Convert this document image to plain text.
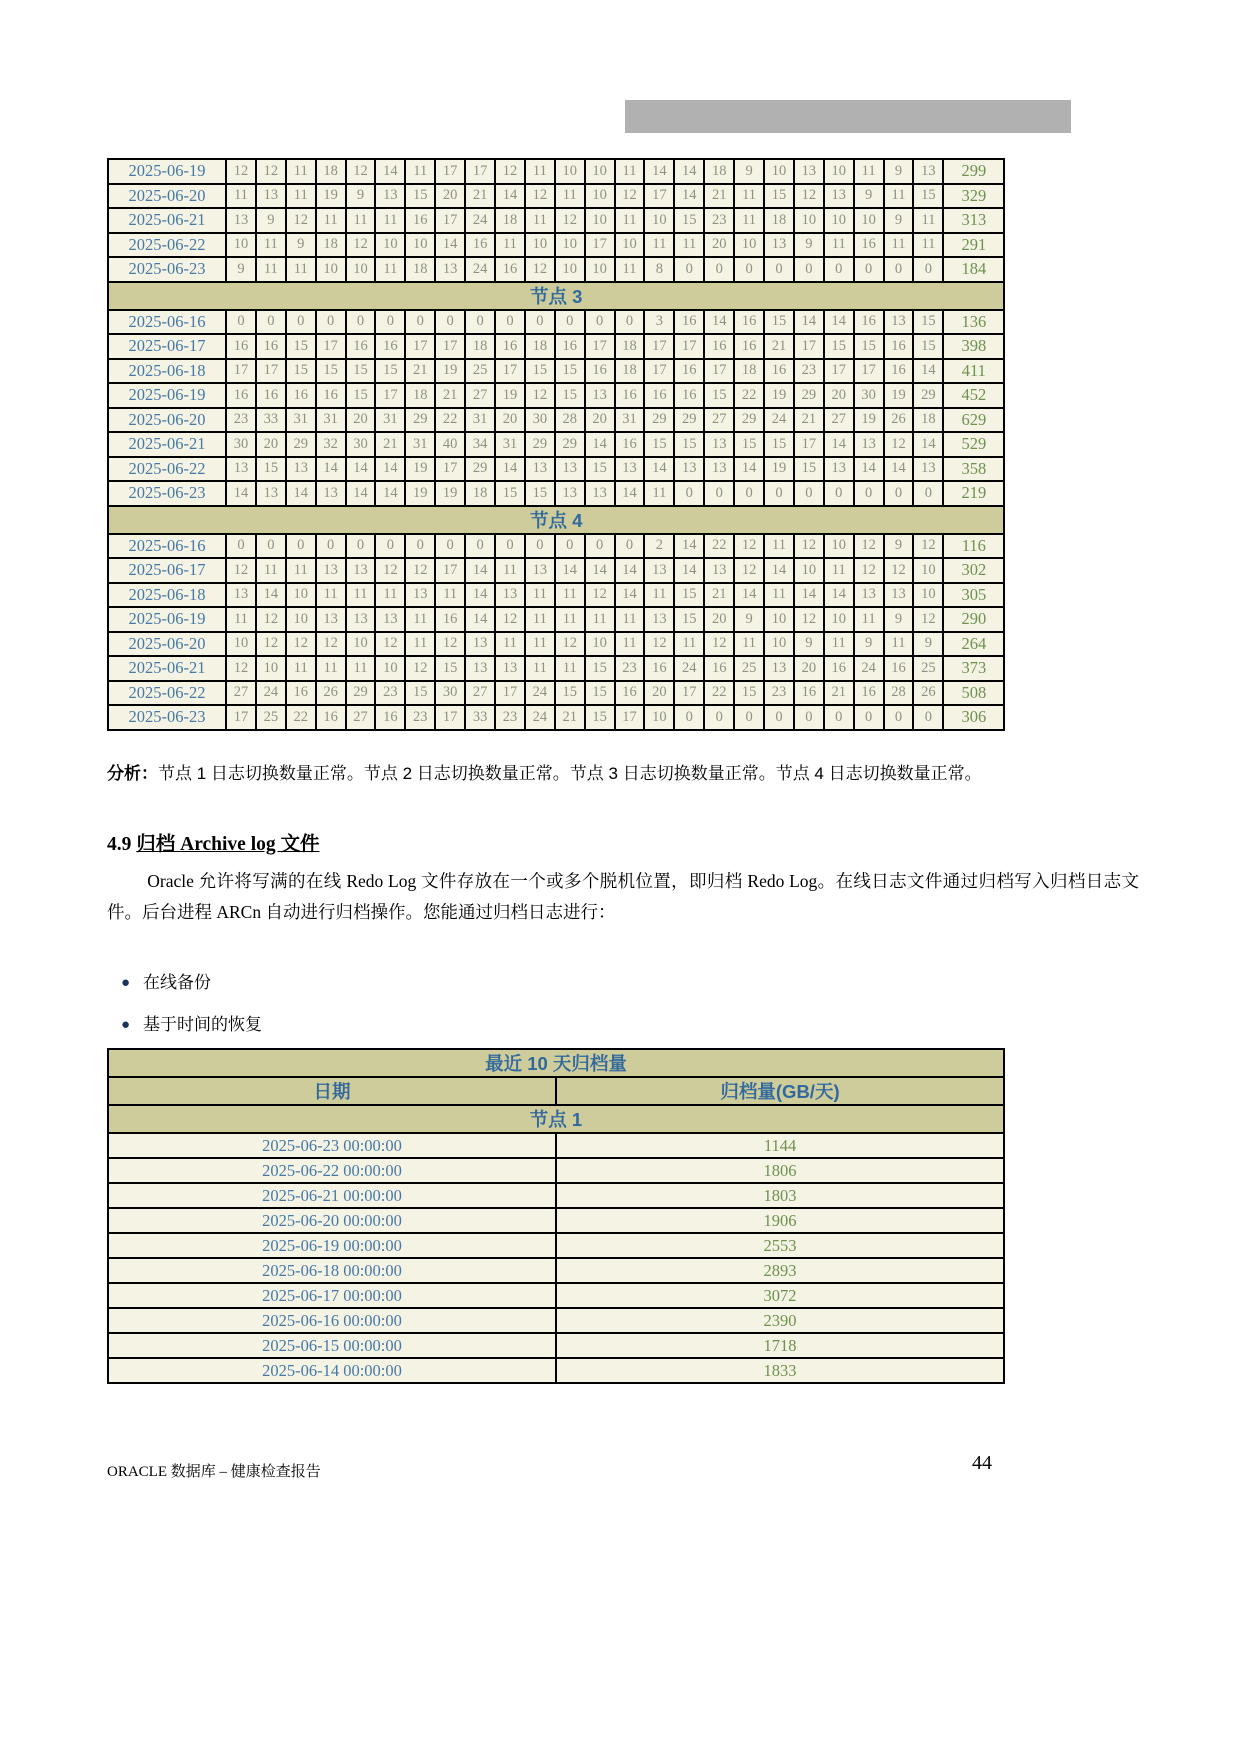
2025-06-19	12	12	11	18	12	14	11	17	17	12	11	10	10	11	14	14	18	9	10	13	10	11	9	13	299
2025-06-20	11	13	11	19	9	13	15	20	21	14	12	11	10	12	17	14	21	11	15	12	13	9	11	15	329
2025-06-21	13	9	12	11	11	11	16	17	24	18	11	12	10	11	10	15	23	11	18	10	10	10	9	11	313
2025-06-22	10	11	9	18	12	10	10	14	16	11	10	10	17	10	11	11	20	10	13	9	11	16	11	11	291
2025-06-23	9	11	11	10	10	11	18	13	24	16	12	10	10	11	8	0	0	0	0	0	0	0	0	0	184
节点 3																									
2025-06-16	0	0	0	0	0	0	0	0	0	0	0	0	0	0	3	16	14	16	15	14	14	16	13	15	136
2025-06-17	16	16	15	17	16	16	17	17	18	16	18	16	17	18	17	17	16	16	21	17	15	15	16	15	398
2025-06-18	17	17	15	15	15	15	21	19	25	17	15	15	16	18	17	16	17	18	16	23	17	17	16	14	411
2025-06-19	16	16	16	16	15	17	18	21	27	19	12	15	13	16	16	16	15	22	19	29	20	30	19	29	452
2025-06-20	23	33	31	31	20	31	29	22	31	20	30	28	20	31	29	29	27	29	24	21	27	19	26	18	629
2025-06-21	30	20	29	32	30	21	31	40	34	31	29	29	14	16	15	15	13	15	15	17	14	13	12	14	529
2025-06-22	13	15	13	14	14	14	19	17	29	14	13	13	15	13	14	13	13	14	19	15	13	14	14	13	358
2025-06-23	14	13	14	13	14	14	19	19	18	15	15	13	13	14	11	0	0	0	0	0	0	0	0	0	219
节点 4																									
2025-06-16	0	0	0	0	0	0	0	0	0	0	0	0	0	0	2	14	22	12	11	12	10	12	9	12	116
2025-06-17	12	11	11	13	13	12	12	17	14	11	13	14	14	14	13	14	13	12	14	10	11	12	12	10	302
2025-06-18	13	14	10	11	11	11	13	11	14	13	11	11	12	14	11	15	21	14	11	14	14	13	13	10	305
2025-06-19	11	12	10	13	13	13	11	16	14	12	11	11	11	11	13	15	20	9	10	12	10	11	9	12	290
2025-06-20	10	12	12	12	10	12	11	12	13	11	11	12	10	11	12	11	12	11	10	9	11	9	11	9	264
2025-06-21	12	10	11	11	11	10	12	15	13	13	11	11	15	23	16	24	16	25	13	20	16	24	16	25	373
2025-06-22	27	24	16	26	29	23	15	30	27	17	24	15	15	16	20	17	22	15	23	16	21	16	28	26	508
2025-06-23	17	25	22	16	27	16	23	17	33	23	24	21	15	17	10	0	0	0	0	0	0	0	0	0	306
分析：节点 1 日志切换数量正常。节点 2 日志切换数量正常。节点 3 日志切换数量正常。节点 4 日志切换数量正常。
4.9 归档 Archive log 文件
Oracle 允许将写满的在线 Redo Log 文件存放在一个或多个脱机位置，即归档 Redo Log。在线日志文件通过归档写入归档日志文件。后台进程 ARCn 自动进行归档操作。您能通过归档日志进行：
● 在线备份
● 基于时间的恢复
最近 10 天归档量	
日期	归档量(GB/天)
节点 1	
2025-06-23 00:00:00	1144
2025-06-22 00:00:00	1806
2025-06-21 00:00:00	1803
2025-06-20 00:00:00	1906
2025-06-19 00:00:00	2553
2025-06-18 00:00:00	2893
2025-06-17 00:00:00	3072
2025-06-16 00:00:00	2390
2025-06-15 00:00:00	1718
2025-06-14 00:00:00	1833
ORACLE 数据库 – 健康检查报告	44
